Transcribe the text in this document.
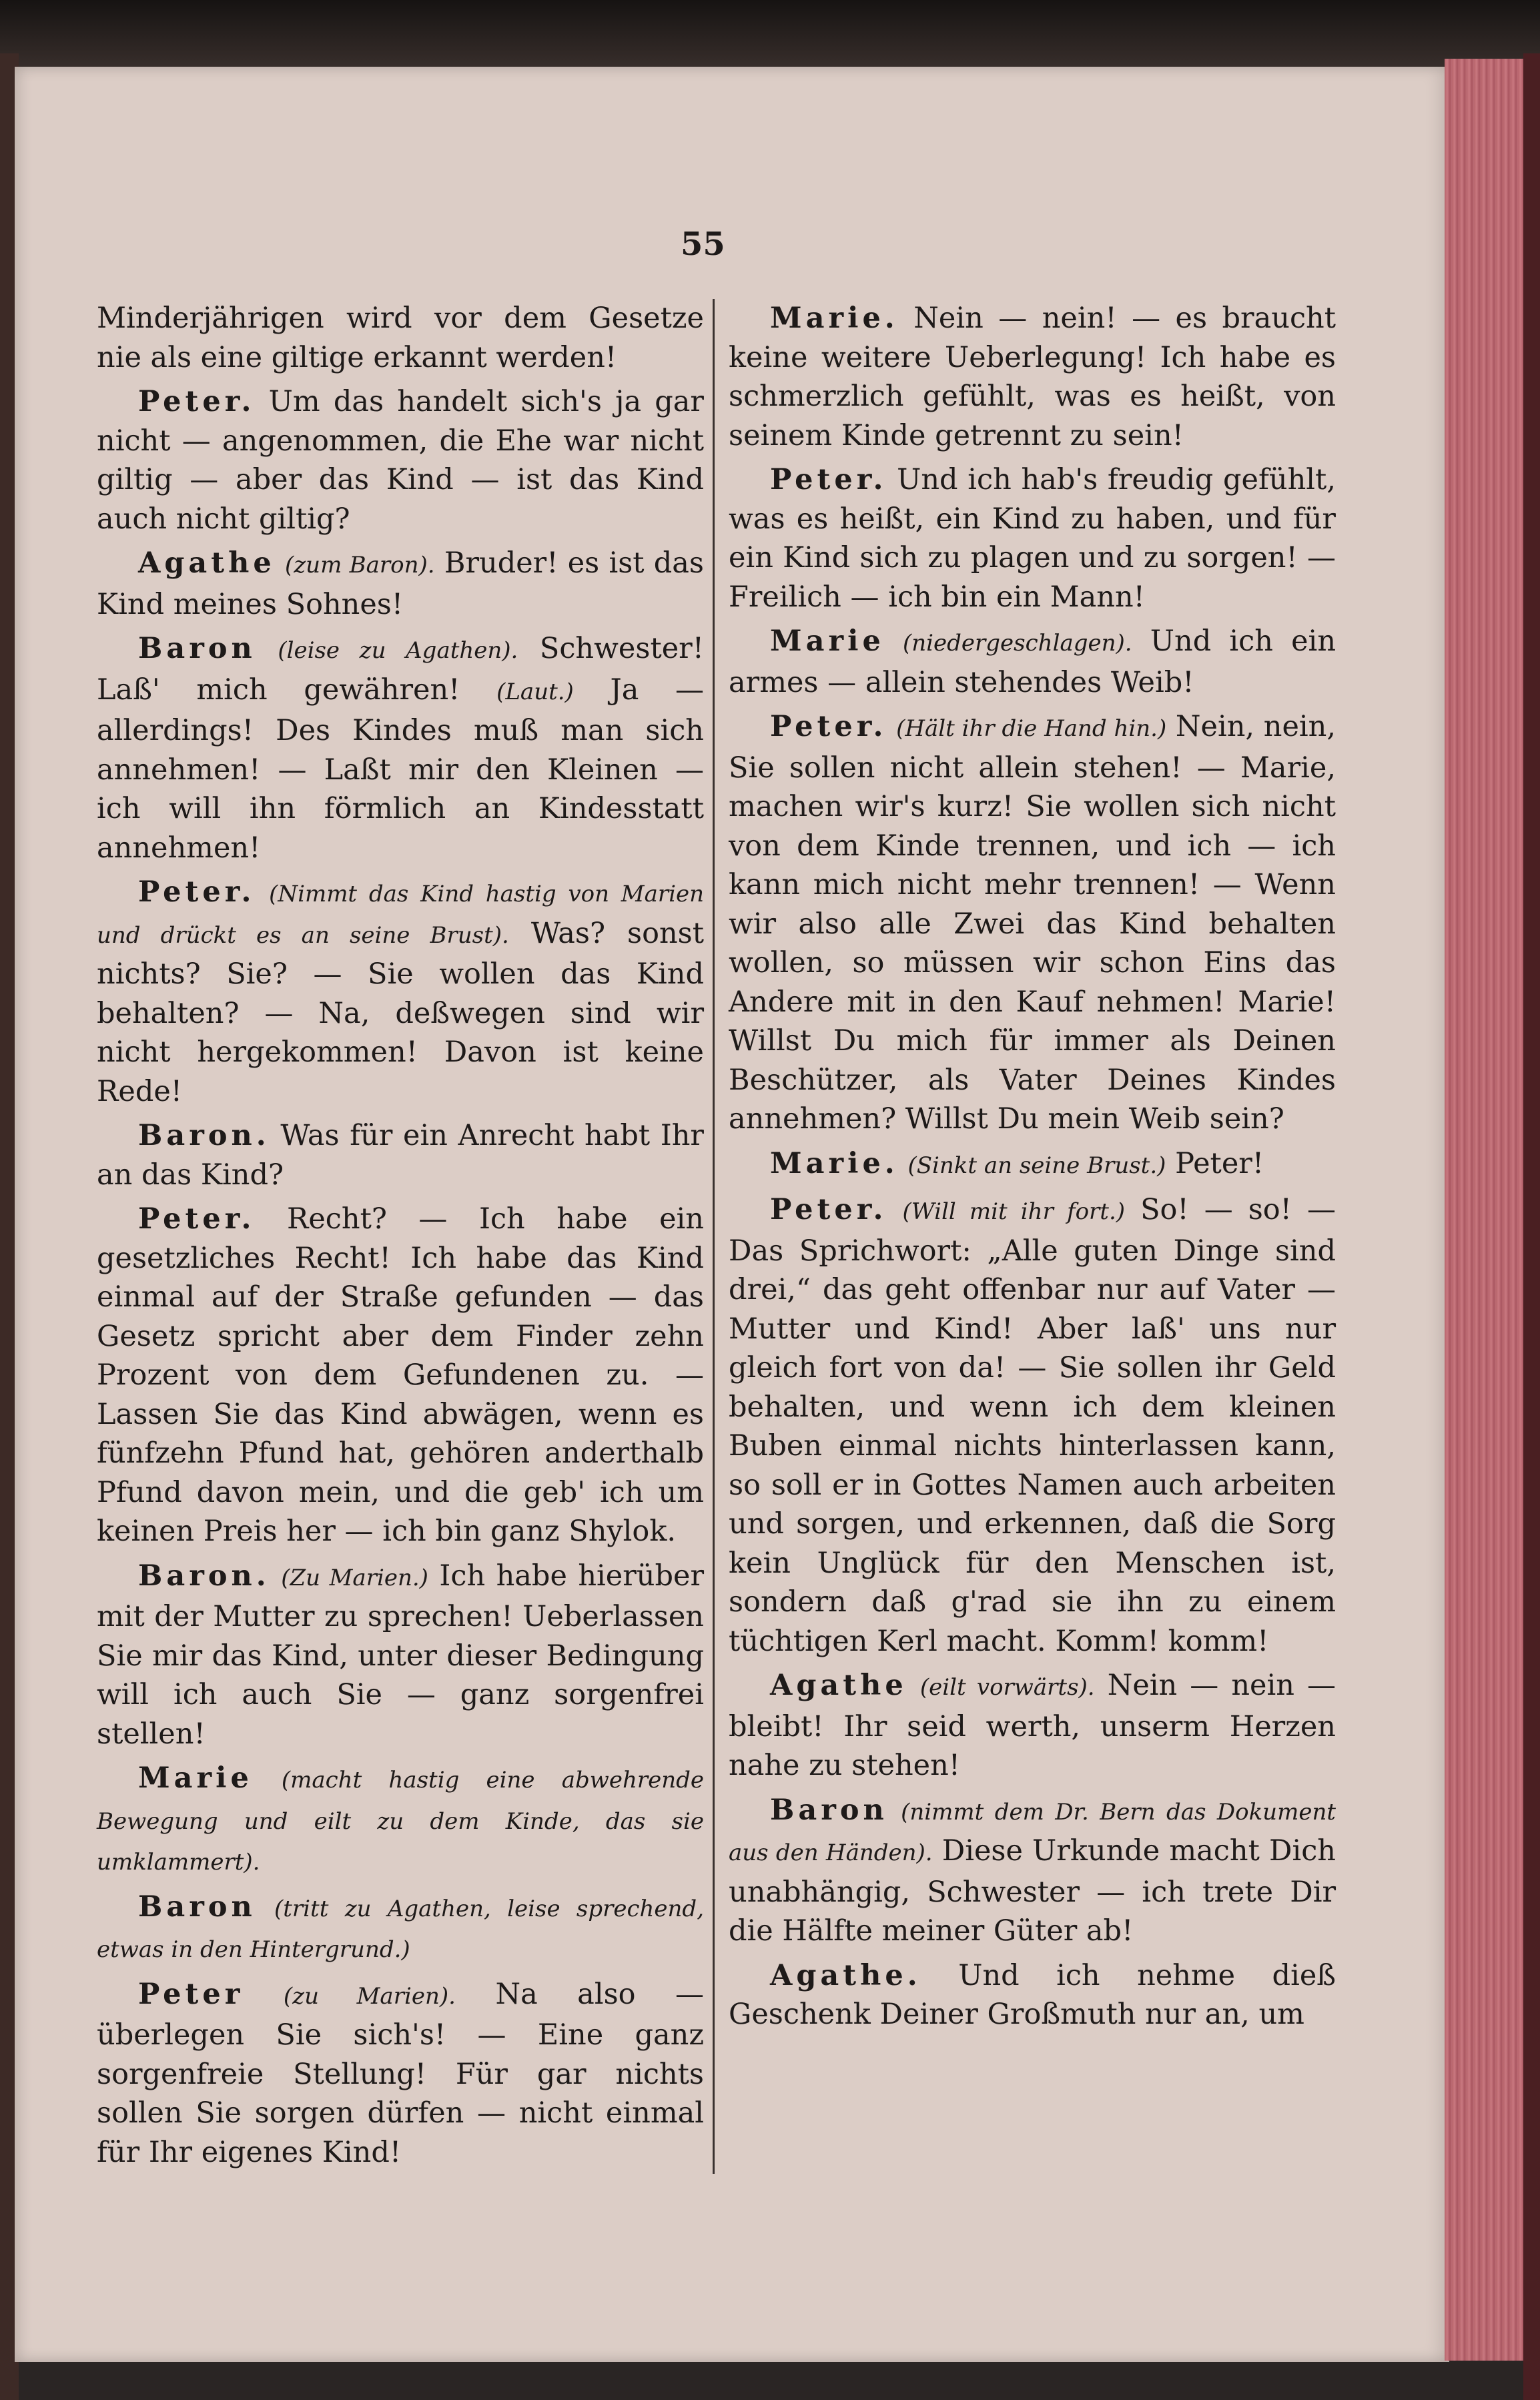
55

Minderjährigen wird vor dem Gesetze nie als eine giltige erkannt werden!

Peter. Um das handelt sich's ja gar nicht — angenommen, die Ehe war nicht giltig — aber das Kind — ist das Kind auch nicht giltig?

Agathe (zum Baron). Bruder! es ist das Kind meines Sohnes!

Baron (leise zu Agathen). Schwester! Laß' mich gewähren! (Laut.) Ja — allerdings! Des Kindes muß man sich annehmen! — Laßt mir den Kleinen — ich will ihn förmlich an Kindesstatt annehmen!

Peter. (Nimmt das Kind hastig von Marien und drückt es an seine Brust). Was? sonst nichts? Sie? — Sie wollen das Kind behalten? — Na, deßwegen sind wir nicht hergekommen! Davon ist keine Rede!

Baron. Was für ein Anrecht habt Ihr an das Kind?

Peter. Recht? — Ich habe ein gesetzliches Recht! Ich habe das Kind einmal auf der Straße gefunden — das Gesetz spricht aber dem Finder zehn Prozent von dem Gefundenen zu. — Lassen Sie das Kind abwägen, wenn es fünfzehn Pfund hat, gehören anderthalb Pfund davon mein, und die geb' ich um keinen Preis her — ich bin ganz Shylok.

Baron. (Zu Marien.) Ich habe hierüber mit der Mutter zu sprechen! Ueberlassen Sie mir das Kind, unter dieser Bedingung will ich auch Sie — ganz sorgenfrei stellen!

Marie (macht hastig eine abwehrende Bewegung und eilt zu dem Kinde, das sie umklammert).

Baron (tritt zu Agathen, leise sprechend, etwas in den Hintergrund.)

Peter (zu Marien). Na also — überlegen Sie sich's! — Eine ganz sorgenfreie Stellung! Für gar nichts sollen Sie sorgen dürfen — nicht einmal für Ihr eigenes Kind!

Marie. Nein — nein! — es braucht keine weitere Ueberlegung! Ich habe es schmerzlich gefühlt, was es heißt, von seinem Kinde getrennt zu sein!

Peter. Und ich hab's freudig gefühlt, was es heißt, ein Kind zu haben, und für ein Kind sich zu plagen und zu sorgen! — Freilich — ich bin ein Mann!

Marie (niedergeschlagen). Und ich ein armes — allein stehendes Weib!

Peter. (Hält ihr die Hand hin.) Nein, nein, Sie sollen nicht allein stehen! — Marie, machen wir's kurz! Sie wollen sich nicht von dem Kinde trennen, und ich — ich kann mich nicht mehr trennen! — Wenn wir also alle Zwei das Kind behalten wollen, so müssen wir schon Eins das Andere mit in den Kauf nehmen! Marie! Willst Du mich für immer als Deinen Beschützer, als Vater Deines Kindes annehmen? Willst Du mein Weib sein?

Marie. (Sinkt an seine Brust.) Peter!

Peter. (Will mit ihr fort.) So! — so! — Das Sprichwort: „Alle guten Dinge sind drei,“ das geht offenbar nur auf Vater — Mutter und Kind! Aber laß' uns nur gleich fort von da! — Sie sollen ihr Geld behalten, und wenn ich dem kleinen Buben einmal nichts hinterlassen kann, so soll er in Gottes Namen auch arbeiten und sorgen, und erkennen, daß die Sorg kein Unglück für den Menschen ist, sondern daß g'rad sie ihn zu einem tüchtigen Kerl macht. Komm! komm!

Agathe (eilt vorwärts). Nein — nein — bleibt! Ihr seid werth, unserm Herzen nahe zu stehen!

Baron (nimmt dem Dr. Bern das Dokument aus den Händen). Diese Urkunde macht Dich unabhängig, Schwester — ich trete Dir die Hälfte meiner Güter ab!

Agathe. Und ich nehme dieß Geschenk Deiner Großmuth nur an, um
